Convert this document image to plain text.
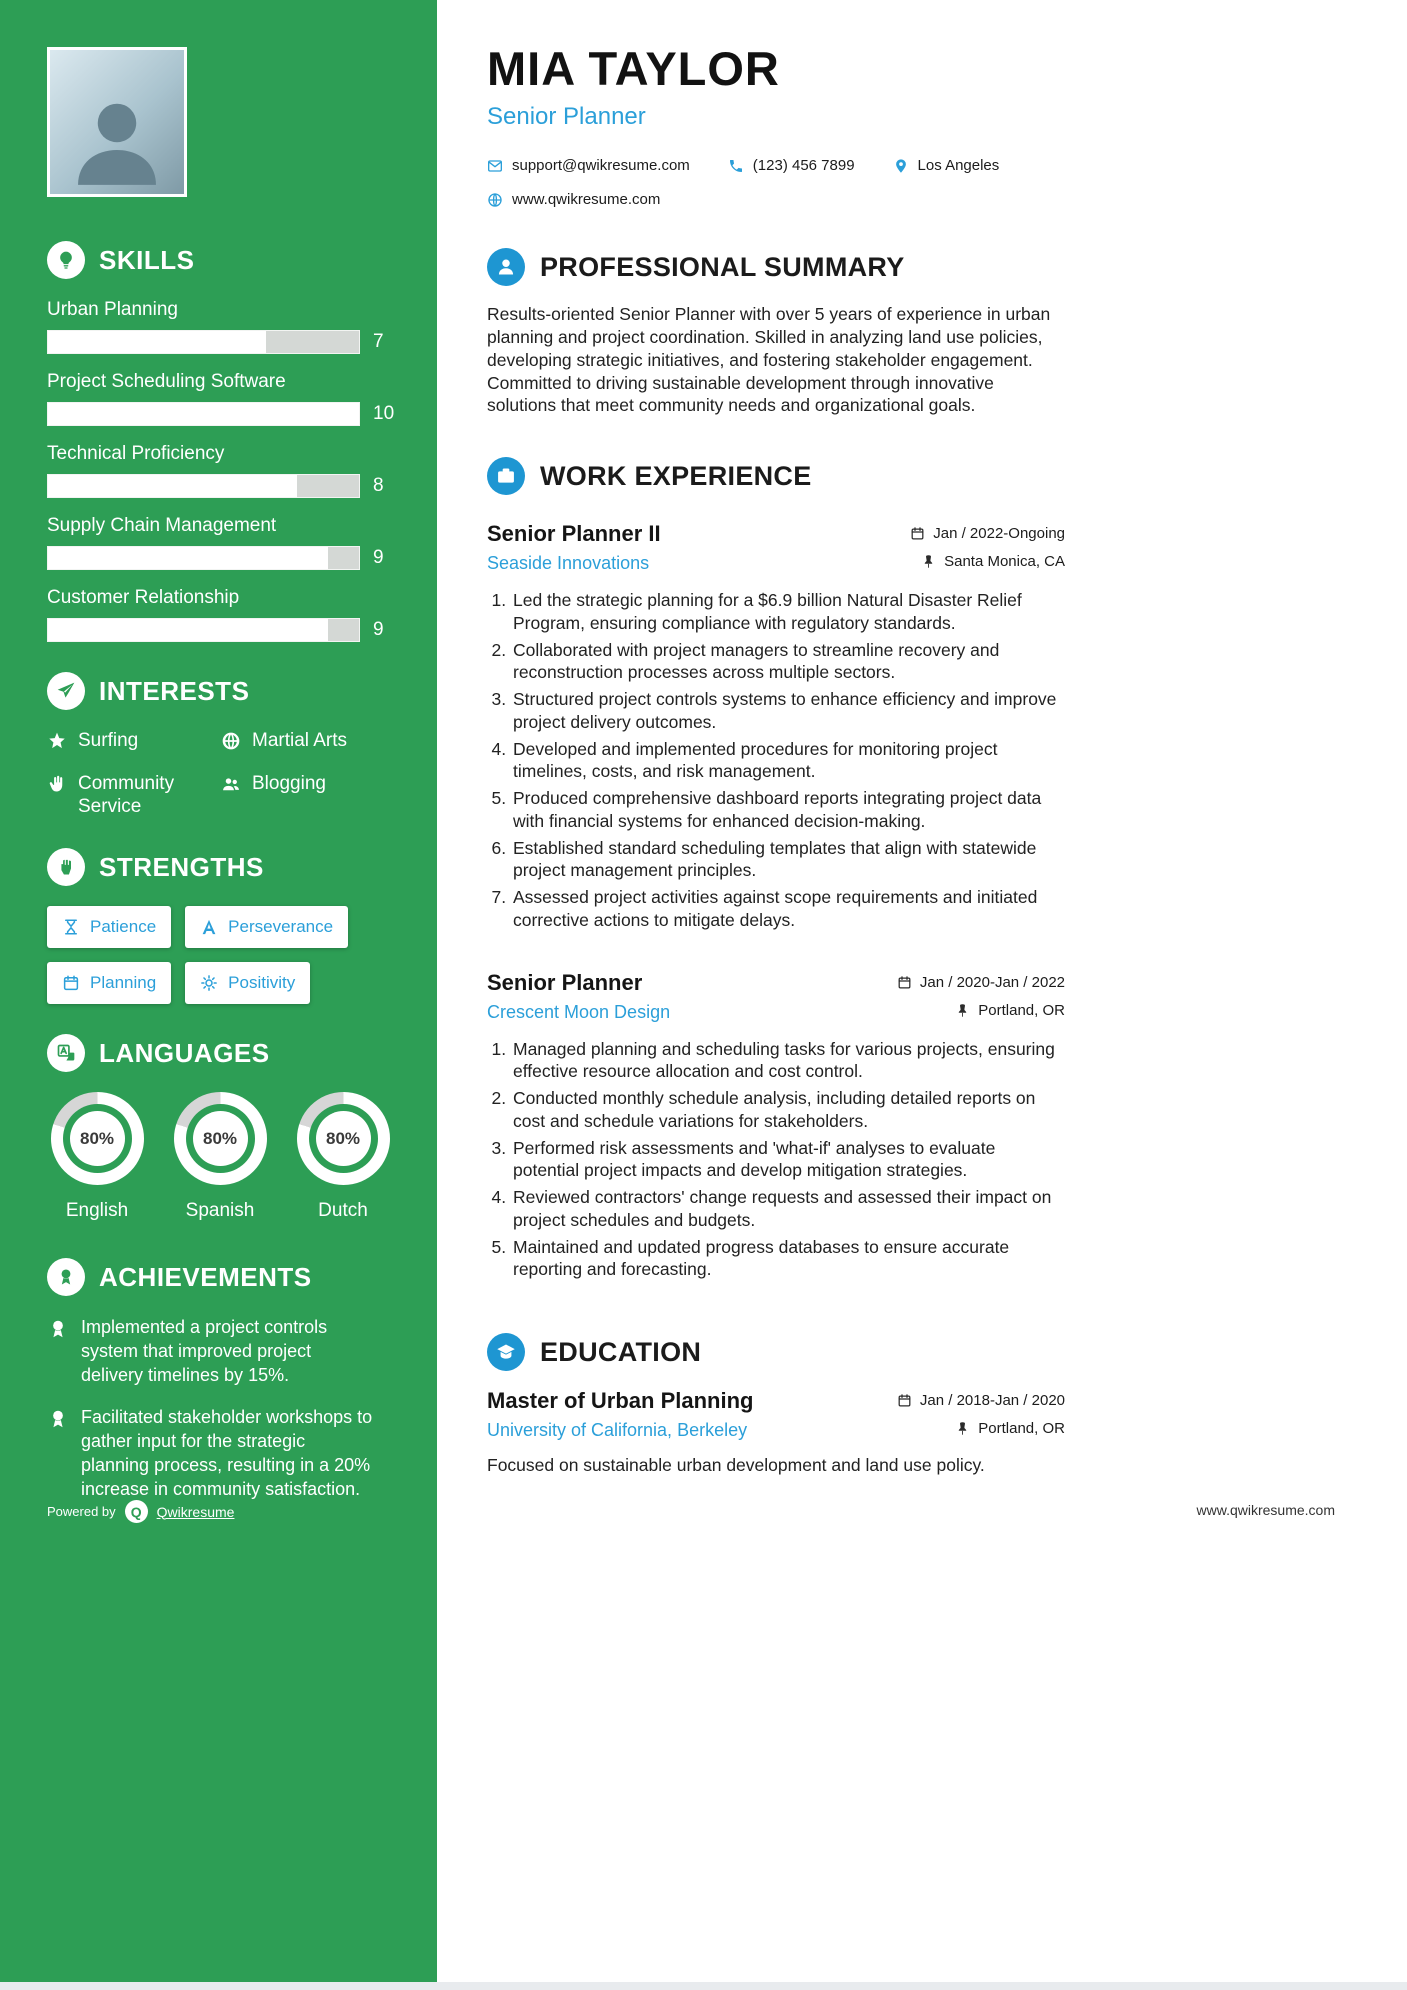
SKILLS
Urban Planning
7
Project Scheduling Software
10
Technical Proficiency
8
Supply Chain Management
9
Customer Relationship
9
INTERESTS
Surfing	Martial Arts
Community Service
Blogging
STRENGTHS
Patience	Perseverance
Planning	Positivity
LANGUAGES
80%
English
80%
Spanish
80%
Dutch
ACHIEVEMENTS
Implemented a project controls system that improved project delivery timelines by 15%.
Facilitated stakeholder workshops to gather input for the strategic planning process, resulting in a 20% increase in community satisfaction.
Powered by	Q	Qwikresume
MIA TAYLOR
Senior Planner
support@qwikresume.com	(123) 456 7899	Los Angeles
www.qwikresume.com
PROFESSIONAL SUMMARY

Results-oriented Senior Planner with over 5 years of experience in urban planning and project coordination. Skilled in analyzing land use policies, developing strategic initiatives, and fostering stakeholder engagement. Committed to driving sustainable development through innovative solutions that meet community needs and organizational goals.

WORK EXPERIENCE
Senior Planner II	Jan / 2022-Ongoing
Seaside Innovations	Santa Monica, CA
1. Led the strategic planning for a $6.9 billion Natural Disaster Relief Program, ensuring compliance with regulatory standards.
2. Collaborated with project managers to streamline recovery and reconstruction processes across multiple sectors.
3. Structured project controls systems to enhance efficiency and improve project delivery outcomes.
4. Developed and implemented procedures for monitoring project timelines, costs, and risk management.
5. Produced comprehensive dashboard reports integrating project data with financial systems for enhanced decision-making.
6. Established standard scheduling templates that align with statewide project management principles.
7. Assessed project activities against scope requirements and initiated corrective actions to mitigate delays.
Senior Planner	Jan / 2020-Jan / 2022
Crescent Moon Design	Portland, OR
1. Managed planning and scheduling tasks for various projects, ensuring effective resource allocation and cost control.
2. Conducted monthly schedule analysis, including detailed reports on cost and schedule variations for stakeholders.
3. Performed risk assessments and 'what-if' analyses to evaluate potential project impacts and develop mitigation strategies.
4. Reviewed contractors' change requests and assessed their impact on project schedules and budgets.
5. Maintained and updated progress databases to ensure accurate reporting and forecasting.
EDUCATION
Master of Urban Planning	Jan / 2018-Jan / 2020
University of California, Berkeley	Portland, OR
Focused on sustainable urban development and land use policy.
www.qwikresume.com
